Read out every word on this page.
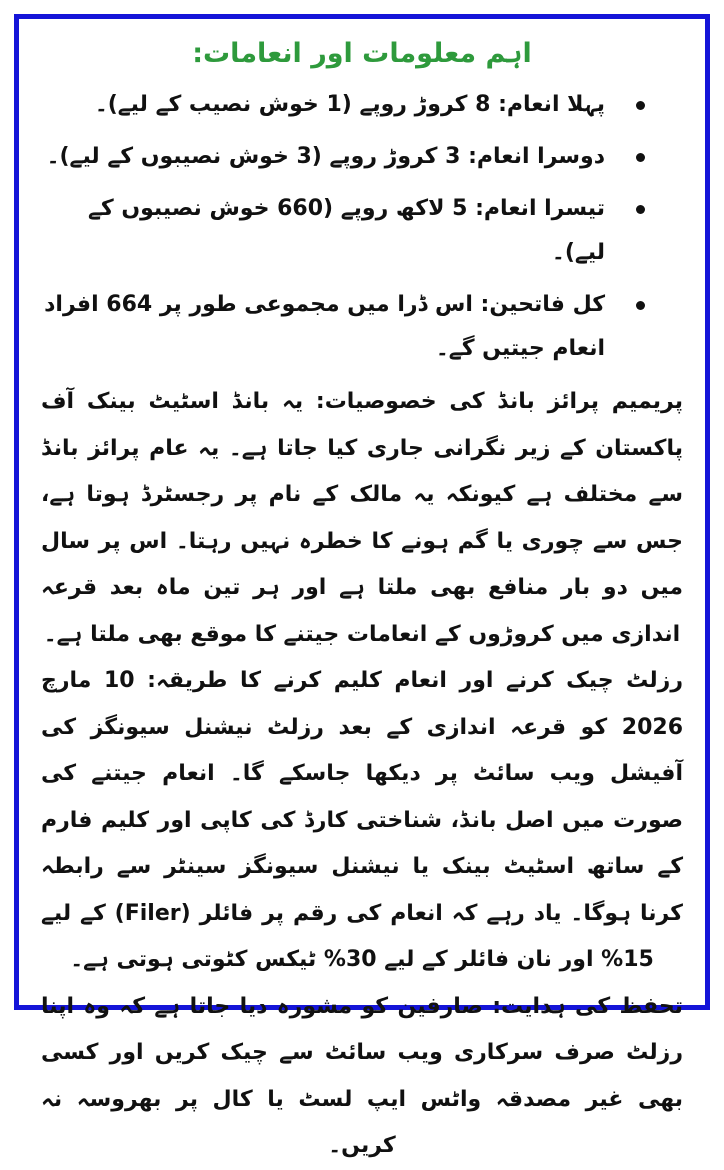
اہم معلومات اور انعامات:
پہلا انعام: 8 کروڑ روپے (1 خوش نصیب کے لیے)۔
دوسرا انعام: 3 کروڑ روپے (3 خوش نصیبوں کے لیے)۔
تیسرا انعام: 5 لاکھ روپے (660 خوش نصیبوں کے لیے)۔
کل فاتحین: اس ڈرا میں مجموعی طور پر 664 افراد انعام جیتیں گے۔

پریمیم پرائز بانڈ کی خصوصیات: یہ بانڈ اسٹیٹ بینک آف پاکستان کے زیر نگرانی جاری کیا جاتا ہے۔ یہ عام پرائز بانڈ سے مختلف ہے کیونکہ یہ مالک کے نام پر رجسٹرڈ ہوتا ہے، جس سے چوری یا گم ہونے کا خطرہ نہیں رہتا۔ اس پر سال میں دو بار منافع بھی ملتا ہے اور ہر تین ماہ بعد قرعہ اندازی میں کروڑوں کے انعامات جیتنے کا موقع بھی ملتا ہے۔

رزلٹ چیک کرنے اور انعام کلیم کرنے کا طریقہ: 10 مارچ 2026 کو قرعہ اندازی کے بعد رزلٹ نیشنل سیونگز کی آفیشل ویب سائٹ پر دیکھا جاسکے گا۔ انعام جیتنے کی صورت میں اصل بانڈ، شناختی کارڈ کی کاپی اور کلیم فارم کے ساتھ اسٹیٹ بینک یا نیشنل سیونگز سینٹر سے رابطہ کرنا ہوگا۔ یاد رہے کہ انعام کی رقم پر فائلر (Filer) کے لیے 15% اور نان فائلر کے لیے 30% ٹیکس کٹوتی ہوتی ہے۔

تحفظ کی ہدایت: صارفین کو مشورہ دیا جاتا ہے کہ وہ اپنا رزلٹ صرف سرکاری ویب سائٹ سے چیک کریں اور کسی بھی غیر مصدقہ واٹس ایپ لسٹ یا کال پر بھروسہ نہ کریں۔
